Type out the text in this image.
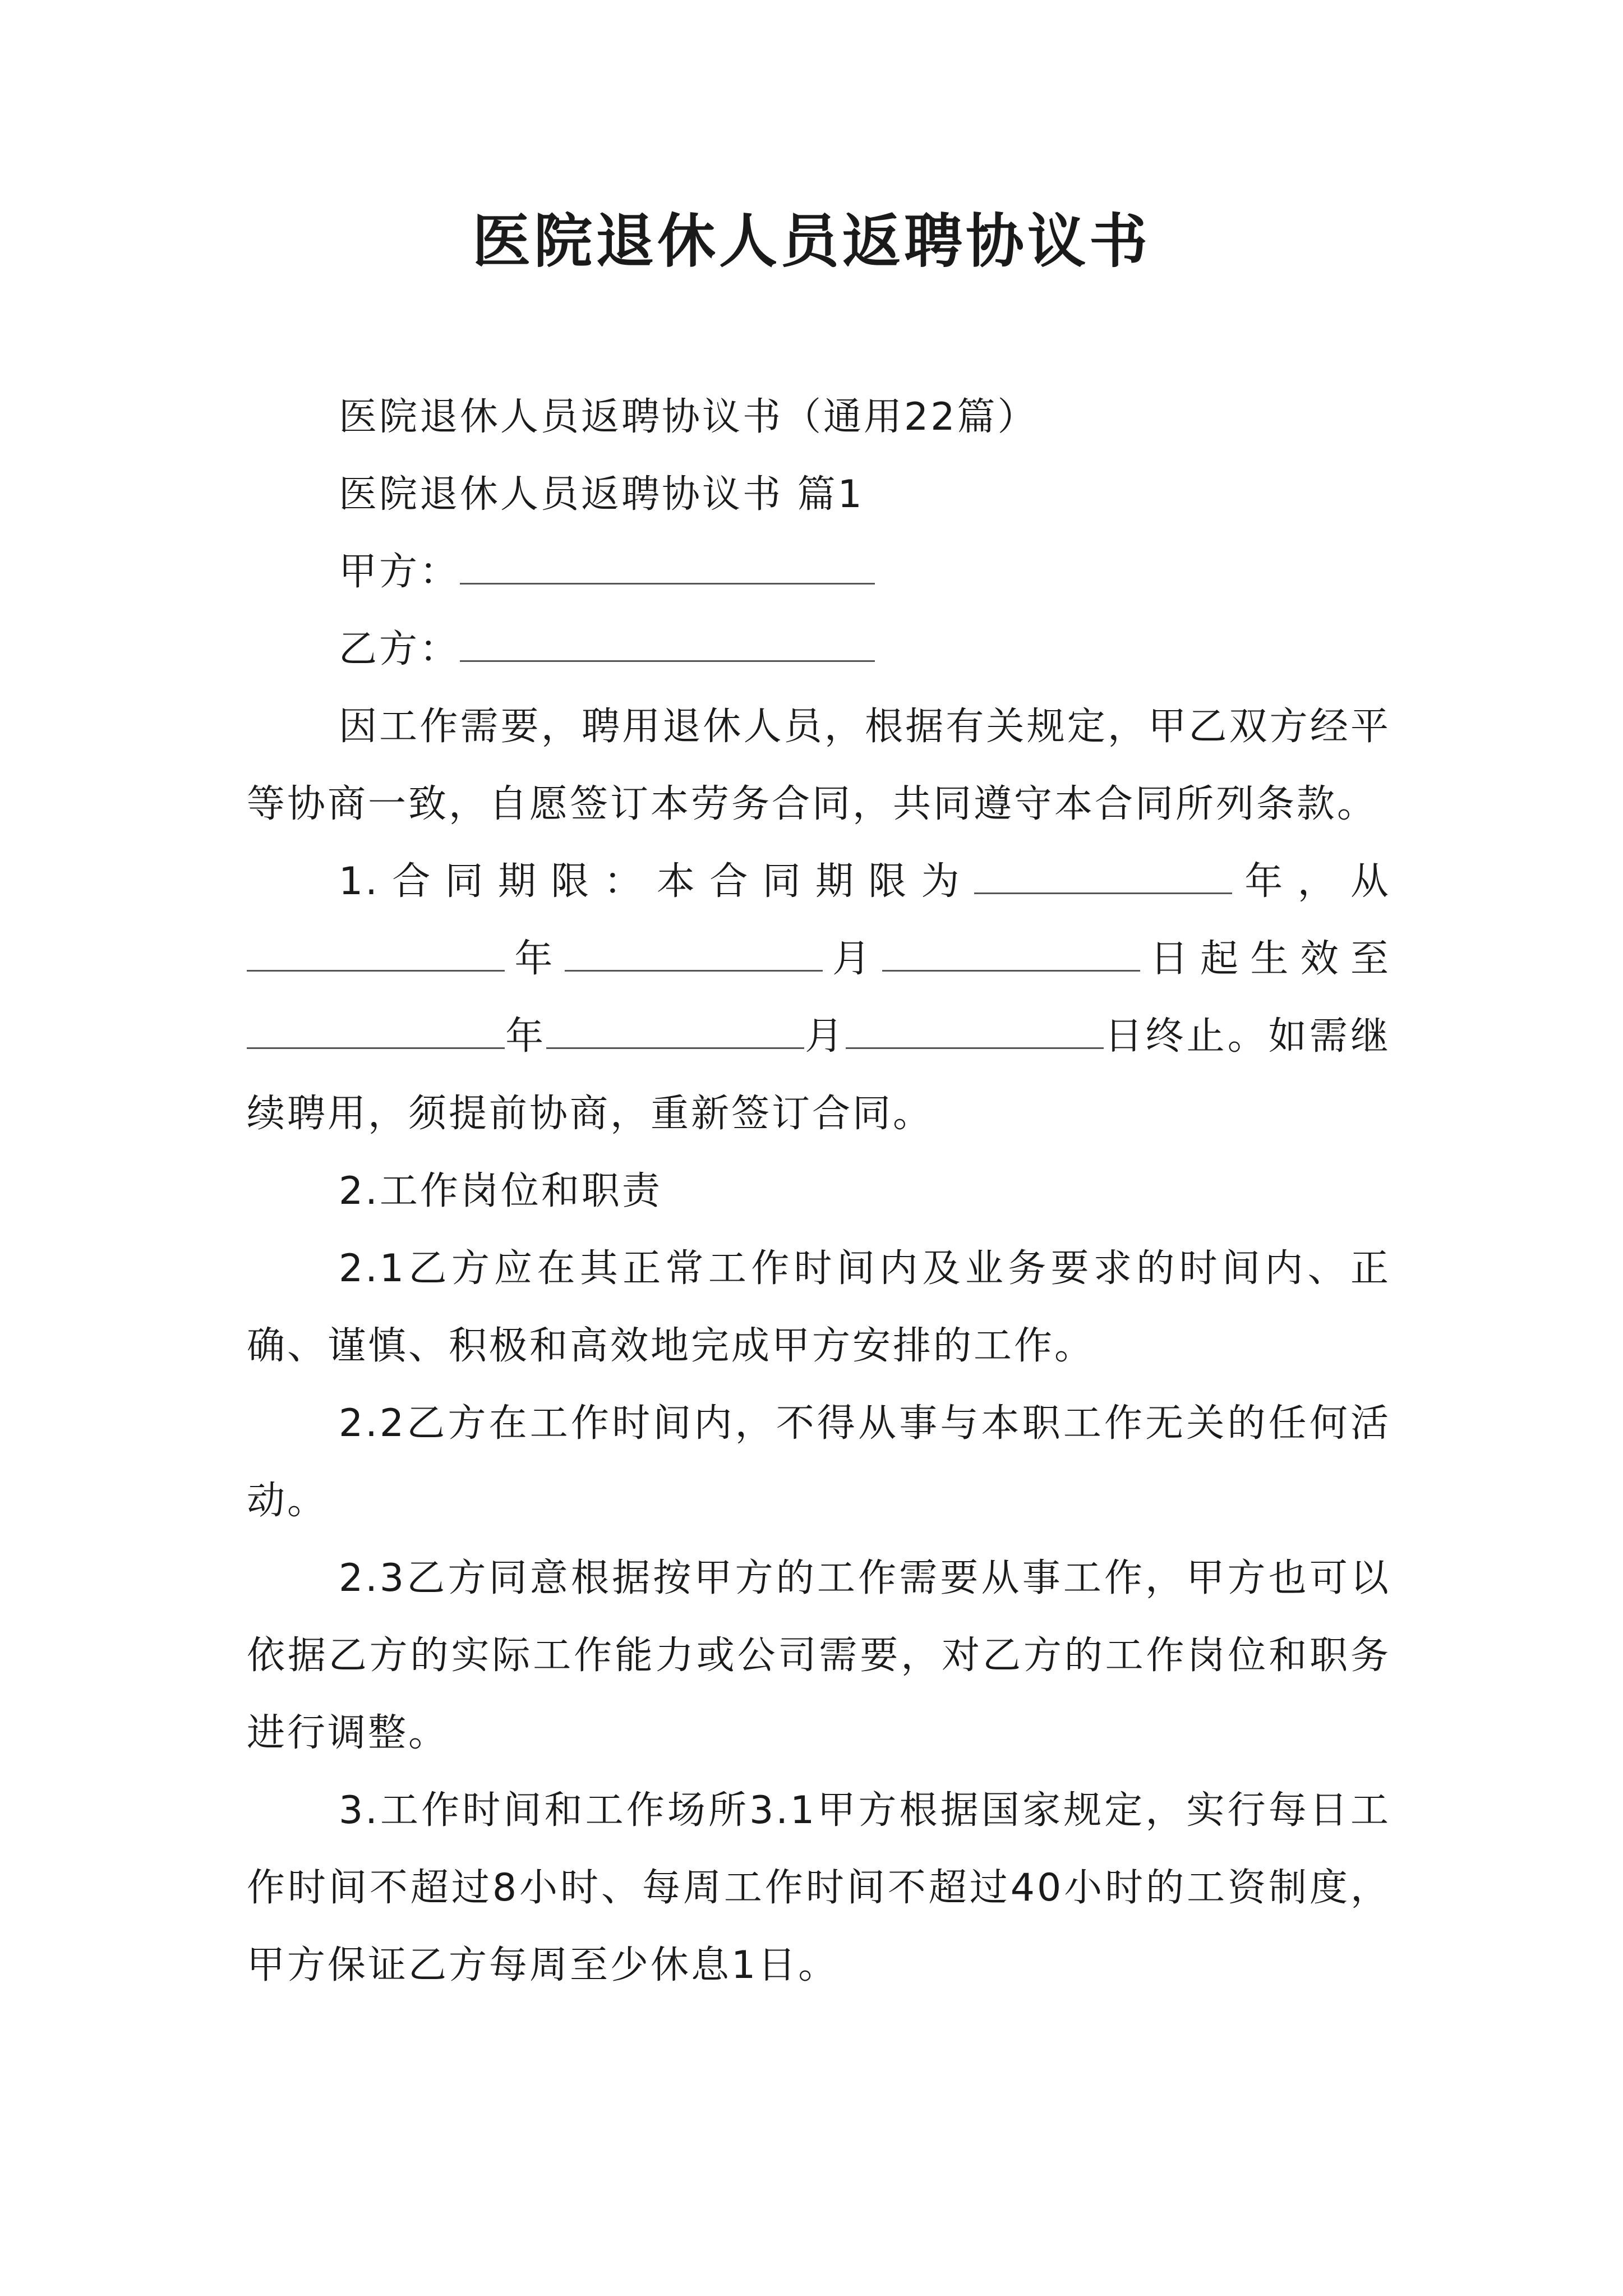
医院退休人员返聘协议书

医院退休人员返聘协议书（通用22篇）

医院退休人员返聘协议书 篇1

甲方：

乙方：

因工作需要，聘用退休人员，根据有关规定，甲乙双方经平等协商一致，自愿签订本劳务合同，共同遵守本合同所列条款。

1.合同期限：本合同期限为	年，从年	月	日起生效至年	月	日终止。如需继续聘用，须提前协商，重新签订合同。

2.工作岗位和职责

2.1乙方应在其正常工作时间内及业务要求的时间内、正确、谨慎、积极和高效地完成甲方安排的工作。

2.2乙方在工作时间内，不得从事与本职工作无关的任何活动。

2.3乙方同意根据按甲方的工作需要从事工作，甲方也可以依据乙方的实际工作能力或公司需要，对乙方的工作岗位和职务进行调整。

3.工作时间和工作场所3.1甲方根据国家规定，实行每日工作时间不超过8小时、每周工作时间不超过40小时的工资制度，甲方保证乙方每周至少休息1日。
